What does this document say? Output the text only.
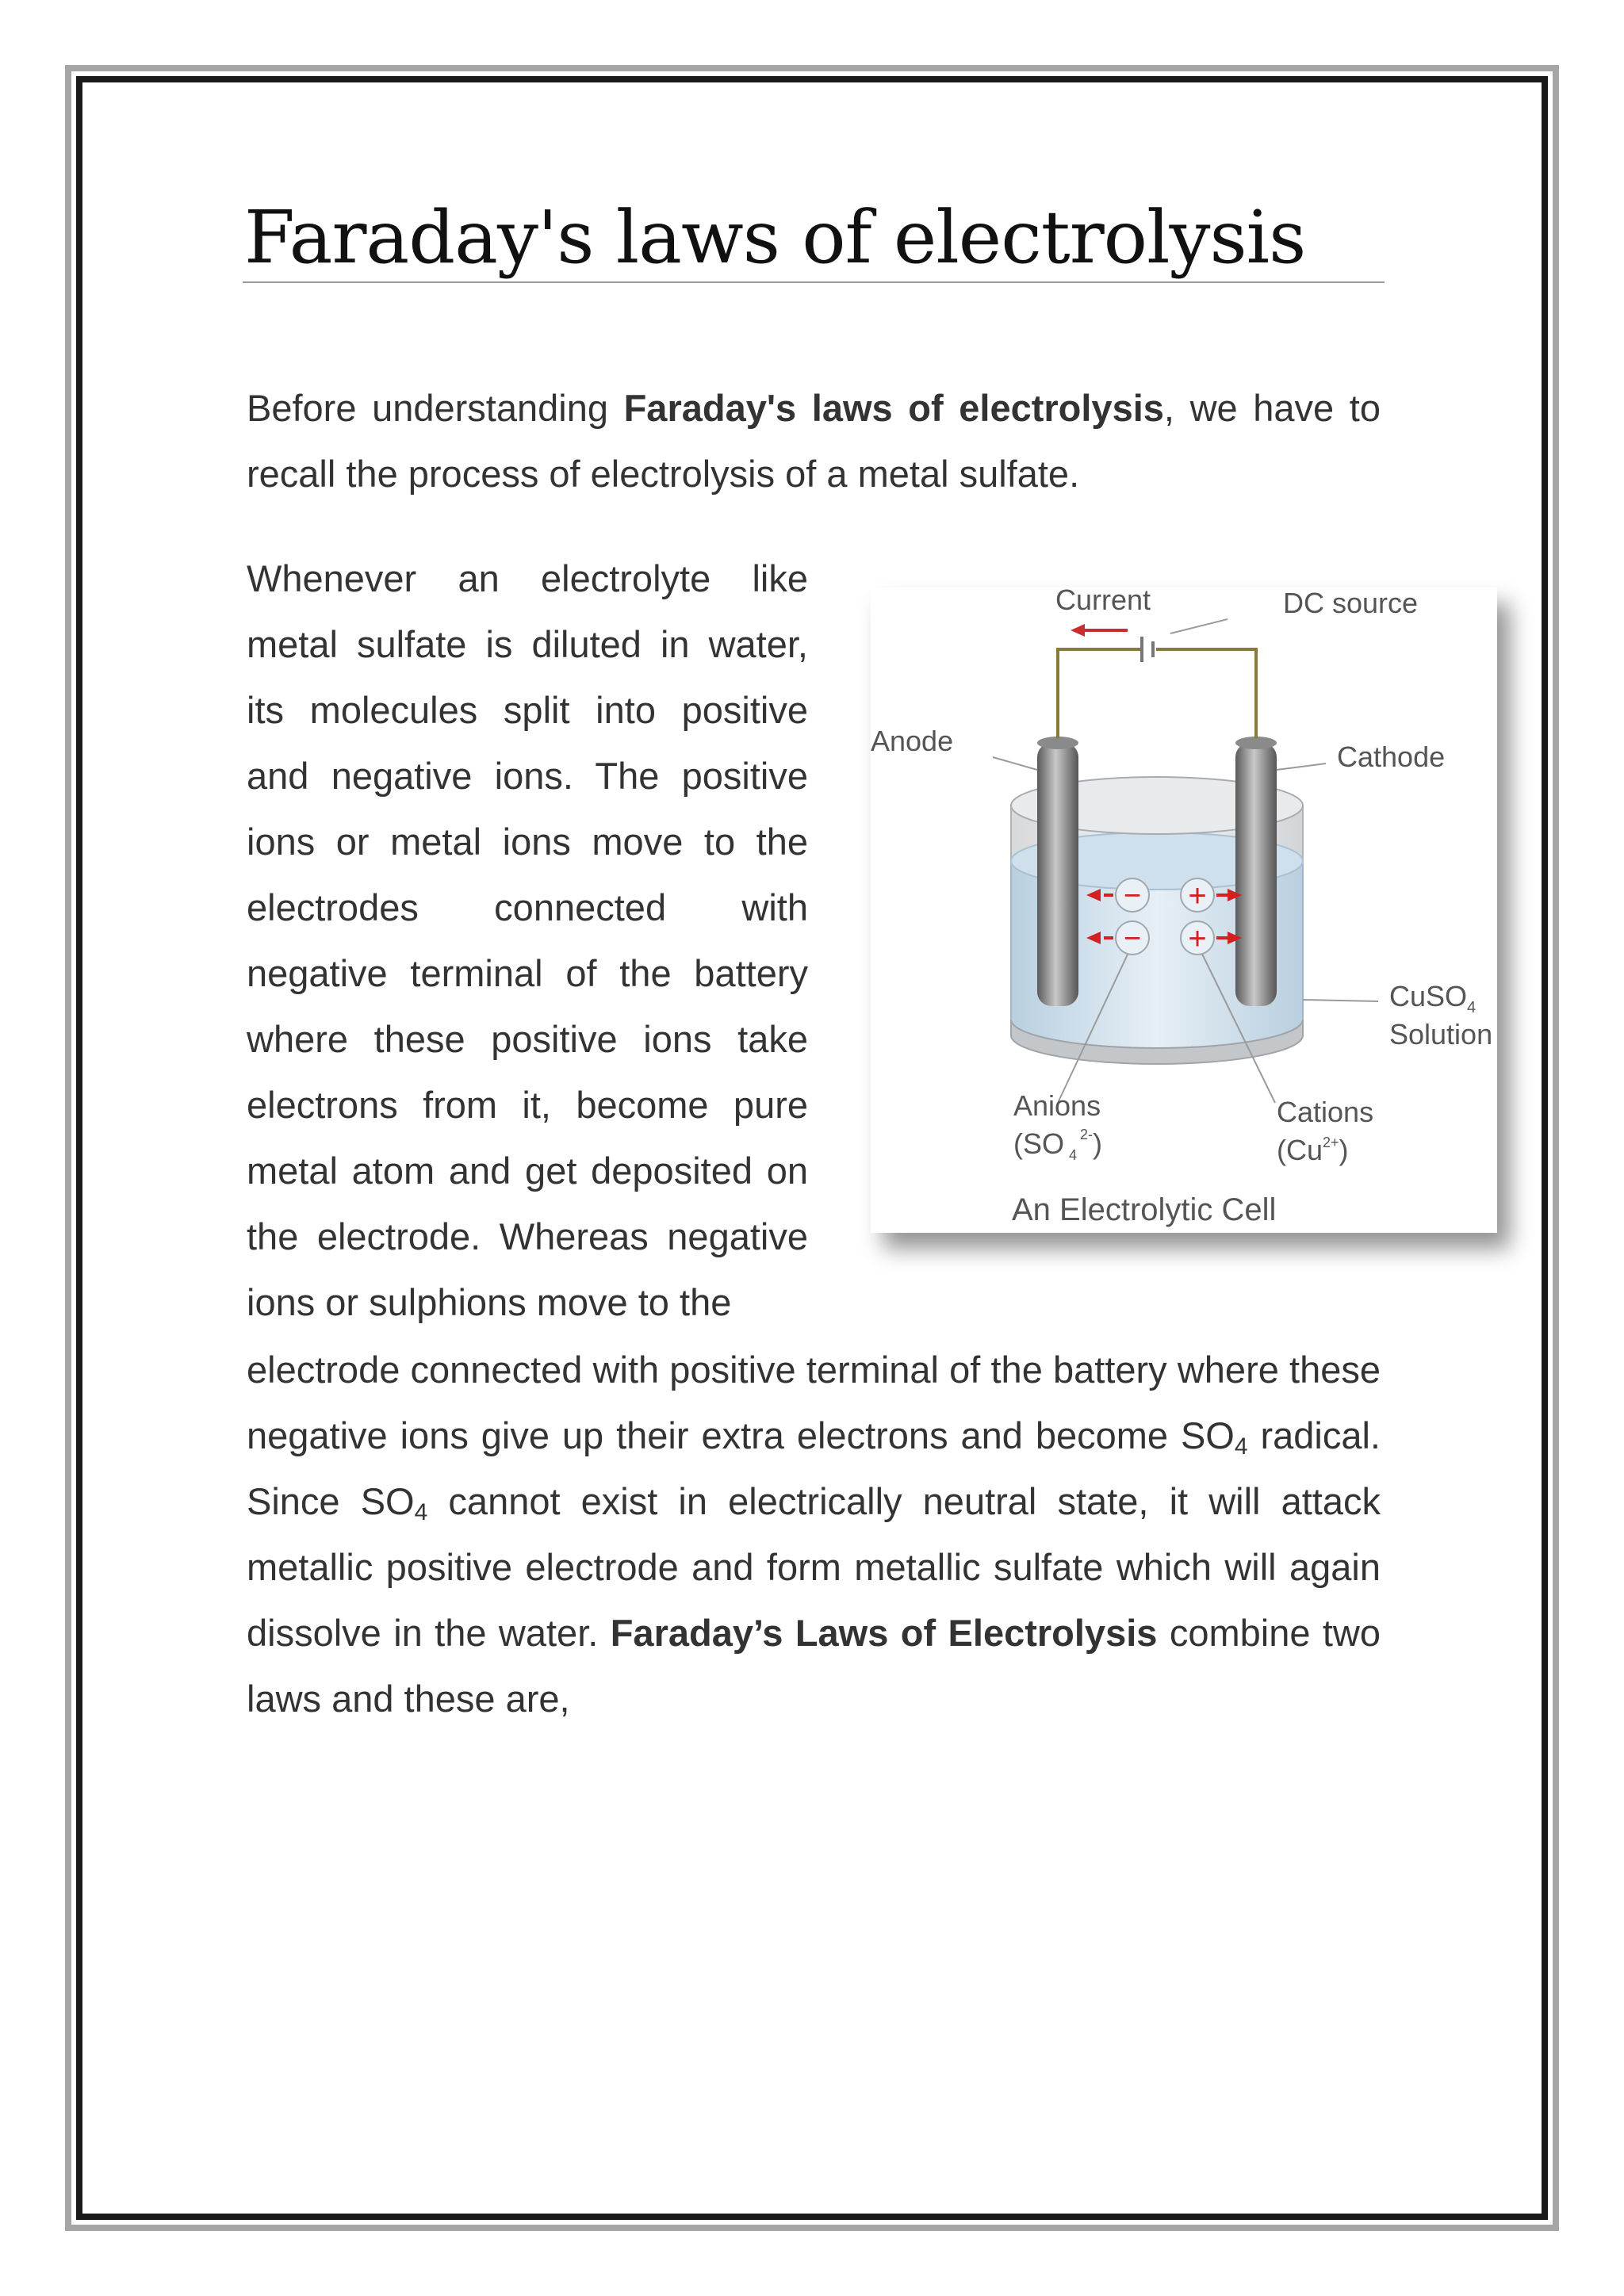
Faraday's laws of electrolysis

Before understanding Faraday's laws of electrolysis, we have to recall the process of electrolysis of a metal sulfate.

Whenever an electrolyte like metal sulfate is diluted in water, its molecules split into positive and negative ions. The positive ions or metal ions move to the electrodes connected with negative terminal of the battery where these positive ions take electrons from it, become pure metal atom and get deposited on the electrode. Whereas negative ions or sulphions move to the

electrode connected with positive terminal of the battery where these negative ions give up their extra electrons and become $SO_4$ radical. Since $SO_4$ cannot exist in electrically neutral state, it will attack metallic positive electrode and form metallic sulfate which will again dissolve in the water. Faraday’s Laws of Electrolysis combine two laws and these are,

−
−
+
+
Current	DC source
Anode	Cathode
CuSO$_4$
Solution
Anions
(SO $_4^{2-}$)
Cations
$(Cu^{2+})$
An Electrolytic Cell
